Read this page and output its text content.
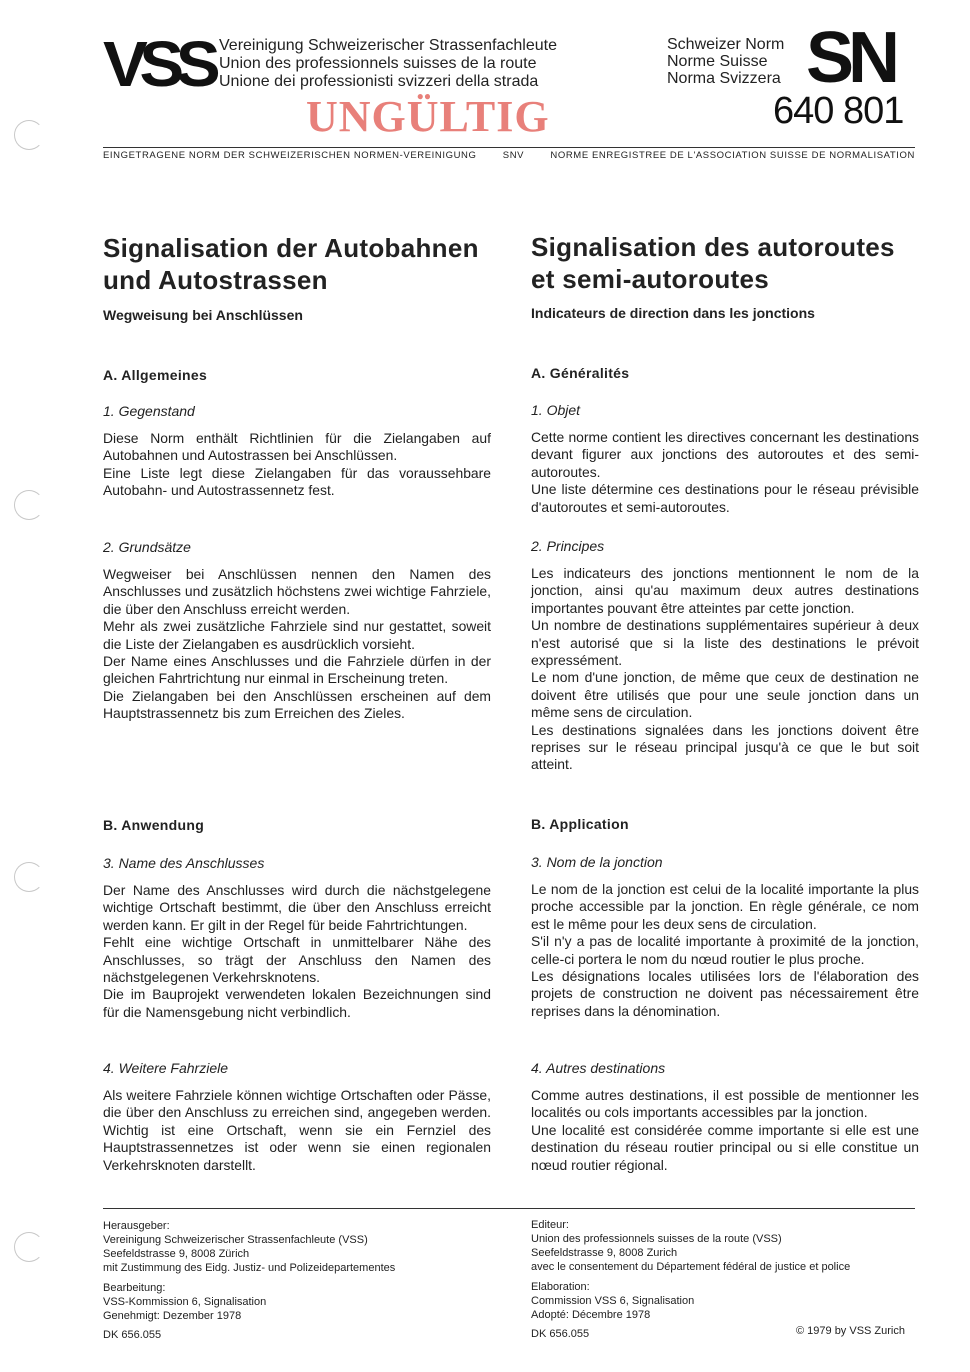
VSS Vereinigung Schweizerischer Strassenfachleute
Union des professionnels suisses de la route
Unione dei professionisti svizzeri della strada
Schweizer Norm
Norme Suisse
Norma Svizzera SN
640 801
UNGÜLTIG
EINGETRAGENE NORM DER SCHWEIZERISCHEN NORMEN-VEREINIGUNG	SNV	NORME ENREGISTREE DE L'ASSOCIATION SUISSE DE NORMALISATION
Signalisation der Autobahnen und Autostrassen
Wegweisung bei Anschlüssen
A. Allgemeines
1. Gegenstand

Diese Norm enthält Richtlinien für die Zielangaben auf Autobahnen und Autostrassen bei Anschlüssen.

Eine Liste legt diese Zielangaben für das voraussehbare Autobahn- und Autostrassennetz fest.

2. Grundsätze

Wegweiser bei Anschlüssen nennen den Namen des Anschlusses und zusätzlich höchstens zwei wichtige Fahrziele, die über den Anschluss erreicht werden.

Mehr als zwei zusätzliche Fahrziele sind nur gestattet, soweit die Liste der Zielangaben es ausdrücklich vorsieht.

Der Name eines Anschlusses und die Fahrziele dürfen in der gleichen Fahrtrichtung nur einmal in Erscheinung treten.

Die Zielangaben bei den Anschlüssen erscheinen auf dem Hauptstrassennetz bis zum Erreichen des Zieles.

B. Anwendung
3. Name des Anschlusses

Der Name des Anschlusses wird durch die nächstgelegene wichtige Ortschaft bestimmt, die über den Anschluss erreicht werden kann. Er gilt in der Regel für beide Fahrtrichtungen.

Fehlt eine wichtige Ortschaft in unmittelbarer Nähe des Anschlusses, so trägt der Anschluss den Namen des nächstgelegenen Verkehrsknotens.

Die im Bauprojekt verwendeten lokalen Bezeichnungen sind für die Namensgebung nicht verbindlich.

4. Weitere Fahrziele

Als weitere Fahrziele können wichtige Ortschaften oder Pässe, die über den Anschluss zu erreichen sind, angegeben werden. Wichtig ist eine Ortschaft, wenn sie ein Fernziel des Hauptstrassennetzes ist oder wenn sie einen regionalen Verkehrsknoten darstellt.

Signalisation des autoroutes et semi-autoroutes
Indicateurs de direction dans les jonctions
A. Généralités
1. Objet

Cette norme contient les directives concernant les destinations devant figurer aux jonctions des autoroutes et des semi-autoroutes.

Une liste détermine ces destinations pour le réseau prévisible d'autoroutes et semi-autoroutes.

2. Principes

Les indicateurs des jonctions mentionnent le nom de la jonction, ainsi qu'au maximum deux autres destinations importantes pouvant être atteintes par cette jonction.

Un nombre de destinations supplémentaires supérieur à deux n'est autorisé que si la liste des destinations le prévoit expressément.

Le nom d'une jonction, de même que ceux de destination ne doivent être utilisés que pour une seule jonction dans un même sens de circulation.

Les destinations signalées dans les jonctions doivent être reprises sur le réseau principal jusqu'à ce que le but soit atteint.

B. Application
3. Nom de la jonction

Le nom de la jonction est celui de la localité importante la plus proche accessible par la jonction. En règle générale, ce nom est le même pour les deux sens de circulation.

S'il n'y a pas de localité importante à proximité de la jonction, celle-ci portera le nom du nœud routier le plus proche.

Les désignations locales utilisées lors de l'élaboration des projets de construction ne doivent pas nécessairement être reprises dans la dénomination.

4. Autres destinations

Comme autres destinations, il est possible de mentionner les localités ou cols importants accessibles par la jonction.

Une localité est considérée comme importante si elle est une destination du réseau routier principal ou si elle constitue un nœud routier régional.

Herausgeber:
Vereinigung Schweizerischer Strassenfachleute (VSS)
Seefeldstrasse 9, 8008 Zürich
mit Zustimmung des Eidg. Justiz- und Polizeidepartementes
Bearbeitung:
VSS-Kommission 6, Signalisation
Genehmigt: Dezember 1978
DK 656.055
Editeur:
Union des professionnels suisses de la route (VSS)
Seefeldstrasse 9, 8008 Zurich
avec le consentement du Département fédéral de justice et police
Elaboration:
Commission VSS 6, Signalisation
Adopté: Décembre 1978
DK 656.055	© 1979 by VSS Zurich
